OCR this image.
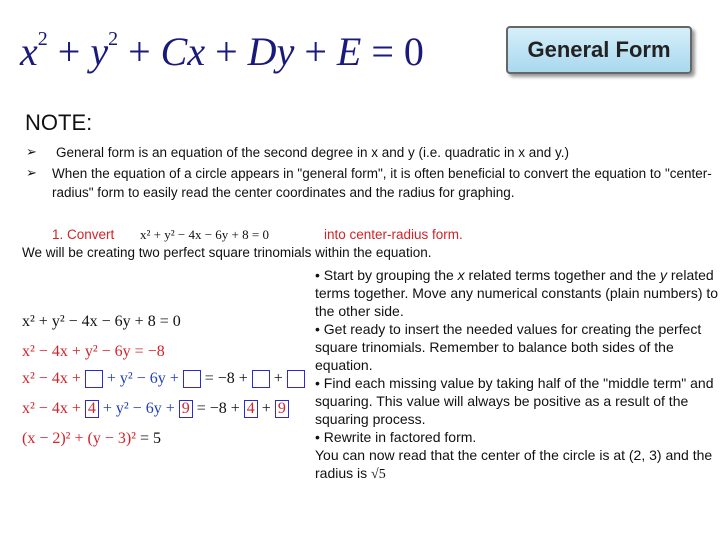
$x^2 + y^2 + Cx + Dy + E = 0$	General Form
NOTE:
➢ General form is an equation of the second degree in x and y (i.e. quadratic in x and y.)
➢ When the equation of a circle appears in "general form", it is often beneficial to convert the equation to "center-radius" form to easily read the center coordinates and the radius for graphing.
1. Convert x² + y² − 4x − 6y + 8 = 0	into center-radius form.
We will be creating two perfect square trinomials within the equation.
• Start by grouping the x related terms together and the y related terms together. Move any numerical constants (plain numbers) to the other side.
• Get ready to insert the needed values for creating the perfect square trinomials. Remember to balance both sides of the equation.
• Find each missing value by taking half of the "middle term" and squaring. This value will always be positive as a result of the squaring process.
• Rewrite in factored form.
You can now read that the center of the circle is at (2, 3) and the radius is √5
x² + y² − 4x − 6y + 8 = 0
x² − 4x + y² − 6y = −8
x² − 4x + + y² − 6y + = −8 + +
x² − 4x + 4 + y² − 6y + 9 = −8 + 4 + 9
(x − 2)² + (y − 3)² = 5
